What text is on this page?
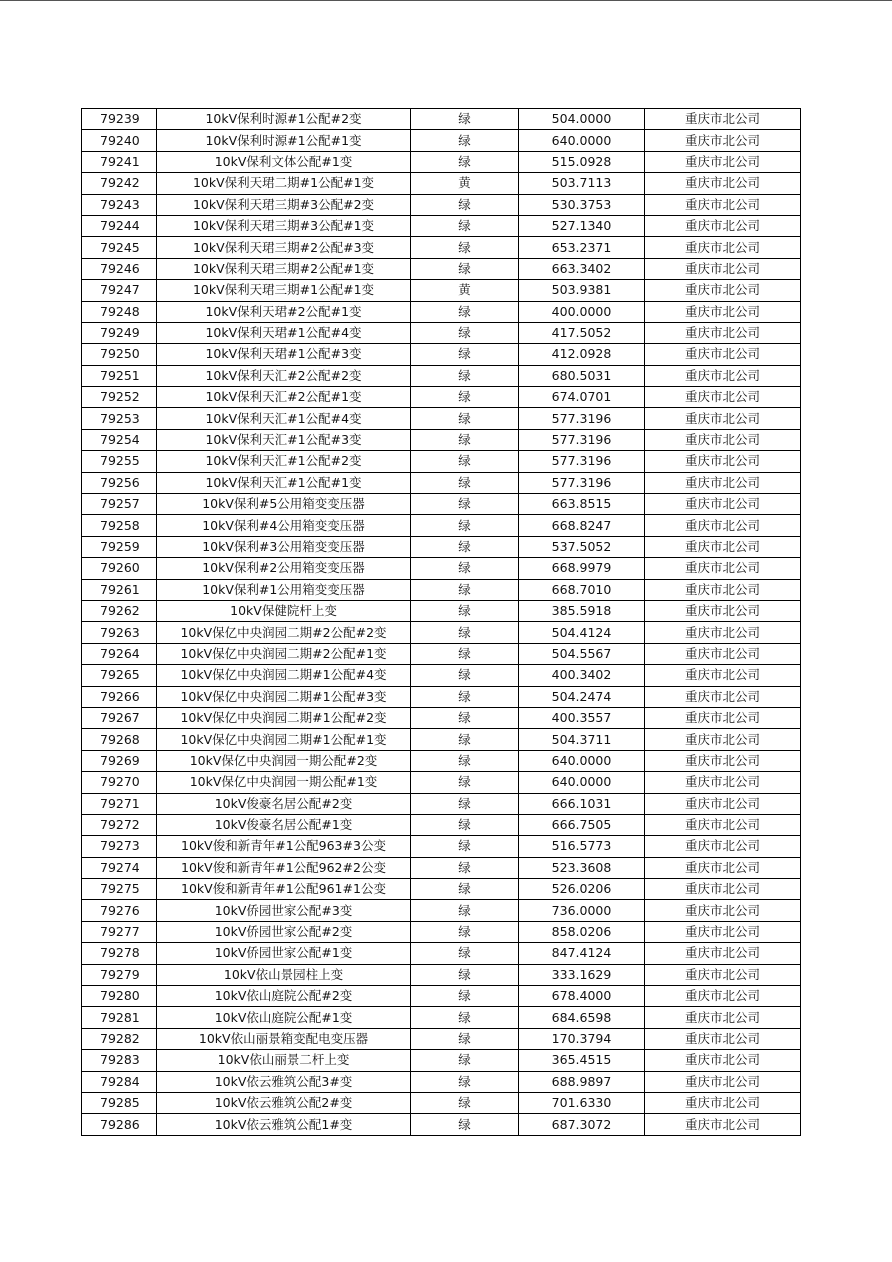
79239	10kV保利时源#1公配#2变	绿	504.0000	重庆市北公司
79240	10kV保利时源#1公配#1变	绿	640.0000	重庆市北公司
79241	10kV保利文体公配#1变	绿	515.0928	重庆市北公司
79242	10kV保利天珺二期#1公配#1变	黄	503.7113	重庆市北公司
79243	10kV保利天珺三期#3公配#2变	绿	530.3753	重庆市北公司
79244	10kV保利天珺三期#3公配#1变	绿	527.1340	重庆市北公司
79245	10kV保利天珺三期#2公配#3变	绿	653.2371	重庆市北公司
79246	10kV保利天珺三期#2公配#1变	绿	663.3402	重庆市北公司
79247	10kV保利天珺三期#1公配#1变	黄	503.9381	重庆市北公司
79248	10kV保利天珺#2公配#1变	绿	400.0000	重庆市北公司
79249	10kV保利天珺#1公配#4变	绿	417.5052	重庆市北公司
79250	10kV保利天珺#1公配#3变	绿	412.0928	重庆市北公司
79251	10kV保利天汇#2公配#2变	绿	680.5031	重庆市北公司
79252	10kV保利天汇#2公配#1变	绿	674.0701	重庆市北公司
79253	10kV保利天汇#1公配#4变	绿	577.3196	重庆市北公司
79254	10kV保利天汇#1公配#3变	绿	577.3196	重庆市北公司
79255	10kV保利天汇#1公配#2变	绿	577.3196	重庆市北公司
79256	10kV保利天汇#1公配#1变	绿	577.3196	重庆市北公司
79257	10kV保利#5公用箱变变压器	绿	663.8515	重庆市北公司
79258	10kV保利#4公用箱变变压器	绿	668.8247	重庆市北公司
79259	10kV保利#3公用箱变变压器	绿	537.5052	重庆市北公司
79260	10kV保利#2公用箱变变压器	绿	668.9979	重庆市北公司
79261	10kV保利#1公用箱变变压器	绿	668.7010	重庆市北公司
79262	10kV保健院杆上变	绿	385.5918	重庆市北公司
79263	10kV保亿中央润园二期#2公配#2变	绿	504.4124	重庆市北公司
79264	10kV保亿中央润园二期#2公配#1变	绿	504.5567	重庆市北公司
79265	10kV保亿中央润园二期#1公配#4变	绿	400.3402	重庆市北公司
79266	10kV保亿中央润园二期#1公配#3变	绿	504.2474	重庆市北公司
79267	10kV保亿中央润园二期#1公配#2变	绿	400.3557	重庆市北公司
79268	10kV保亿中央润园二期#1公配#1变	绿	504.3711	重庆市北公司
79269	10kV保亿中央润园一期公配#2变	绿	640.0000	重庆市北公司
79270	10kV保亿中央润园一期公配#1变	绿	640.0000	重庆市北公司
79271	10kV俊豪名居公配#2变	绿	666.1031	重庆市北公司
79272	10kV俊豪名居公配#1变	绿	666.7505	重庆市北公司
79273	10kV俊和新青年#1公配963#3公变	绿	516.5773	重庆市北公司
79274	10kV俊和新青年#1公配962#2公变	绿	523.3608	重庆市北公司
79275	10kV俊和新青年#1公配961#1公变	绿	526.0206	重庆市北公司
79276	10kV侨园世家公配#3变	绿	736.0000	重庆市北公司
79277	10kV侨园世家公配#2变	绿	858.0206	重庆市北公司
79278	10kV侨园世家公配#1变	绿	847.4124	重庆市北公司
79279	10kV依山景园柱上变	绿	333.1629	重庆市北公司
79280	10kV依山庭院公配#2变	绿	678.4000	重庆市北公司
79281	10kV依山庭院公配#1变	绿	684.6598	重庆市北公司
79282	10kV依山丽景箱变配电变压器	绿	170.3794	重庆市北公司
79283	10kV依山丽景二杆上变	绿	365.4515	重庆市北公司
79284	10kV依云雅筑公配3#变	绿	688.9897	重庆市北公司
79285	10kV依云雅筑公配2#变	绿	701.6330	重庆市北公司
79286	10kV依云雅筑公配1#变	绿	687.3072	重庆市北公司
